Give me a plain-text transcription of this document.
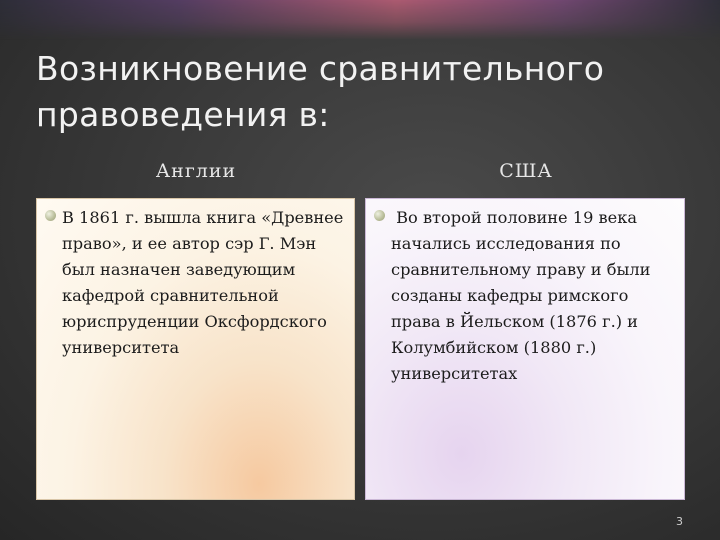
Возникновение сравнительного правоведения в:
Англии	США
В 1861 г. вышла книга «Древнее право», и ее автор сэр Г. Мэн был назначен заведующим кафедрой сравнительной юриспруденции Оксфордского университета
Во второй половине 19 века начались исследования по сравнительному праву и были созданы кафедры римского права в Йельском (1876 г.) и Колумбийском (1880 г.) университетах
3
